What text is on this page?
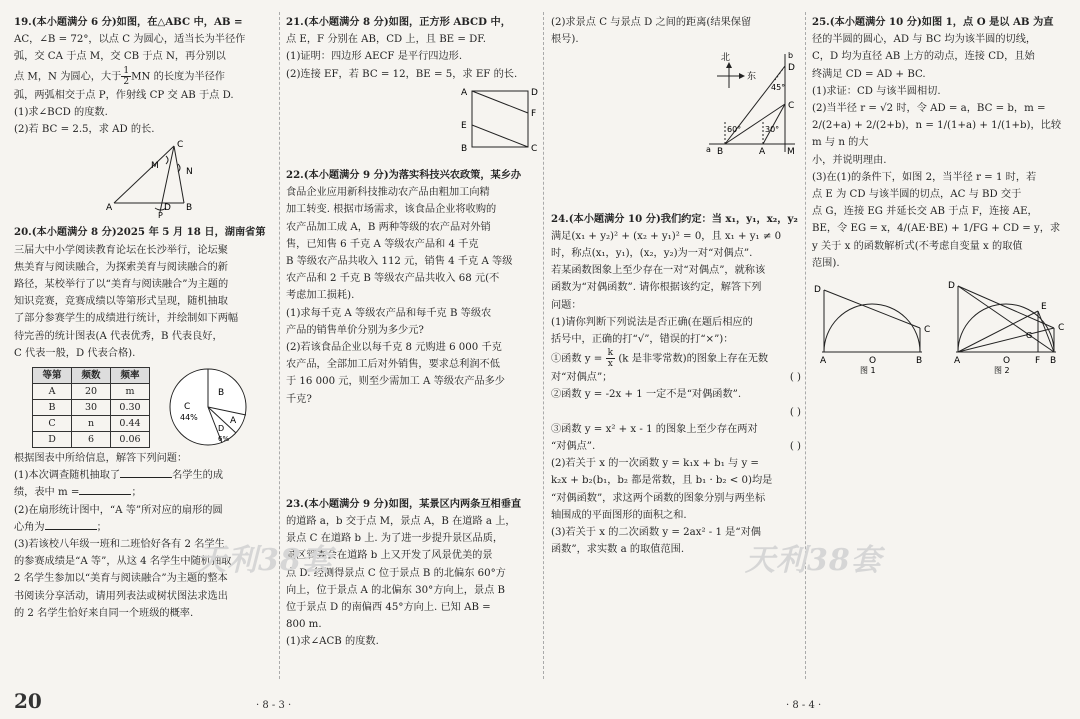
19.(本小题满分 6 分)如图，在△ABC 中，AB =

AC，∠B = 72°，以点 C 为圆心，适当长为半径作

弧，交 CA 于点 M，交 CB 于点 N，再分别以

点 M，N 为圆心，大于 $\frac{1}{2}$ MN 的长度为半径作

弧，两弧相交于点 P，作射线 CP 交 AB 于点 D.

(1)求∠BCD 的度数.

(2)若 BC = 2.5，求 AD 的长.

C
M
N
A	D B
P

20.(本小题满分 8 分)2025 年 5 月 18 日，湖南省第

三届大中小学阅读教育论坛在长沙举行，论坛聚

焦美育与阅读融合，为探索美育与阅读融合的新

路径，某校举行了以“美育与阅读融合”为主题的

知识竞赛，竞赛成绩以等第形式呈现，随机抽取

了部分参赛学生的成绩进行统计，并绘制如下两幅

待完善的统计图表(A 代表优秀，B 代表良好，

C 代表一般，D 代表合格).

等第	频数	频率
A	20	m
B	30	0.30
C	n	0.44
D	6	0.06
B
A
C
44%
D
6%

根据图表中所给信息，解答下列问题：

(1)本次调查随机抽取了	名学生的成

绩，表中 m =	；

(2)在扇形统计图中，“A 等”所对应的扇形的圆

心角为	；

(3)若该校八年级一班和二班恰好各有 2 名学生

的参赛成绩是“A 等”，从这 4 名学生中随机抽取

2 名学生参加以“美育与阅读融合”为主题的整本

书阅读分享活动，请用列表法或树状图法求选出

的 2 名学生恰好来自同一个班级的概率.

21.(本小题满分 8 分)如图，正方形 ABCD 中，

点 E，F 分别在 AB，CD 上，且 BE = DF.

(1)证明：四边形 AECF 是平行四边形.

(2)连接 EF，若 BC = 12，BE = 5，求 EF 的长.

A	D
E
F
B	C

22.(本小题满分 9 分)为落实科技兴农政策，某乡办

食品企业应用新科技推动农产品由粗加工向精

加工转变. 根据市场需求，该食品企业将收购的

农产品加工成 A，B 两种等级的农产品对外销

售，已知售 6 千克 A 等级农产品和 4 千克

B 等级农产品共收入 112 元，销售 4 千克 A 等级

农产品和 2 千克 B 等级农产品共收入 68 元(不

考虑加工损耗).

(1)求每千克 A 等级农产品和每千克 B 等级农

产品的销售单价分别为多少元?

(2)若该食品企业以每千克 8 元购进 6 000 千克

农产品，全部加工后对外销售，要求总利润不低

于 16 000 元，则至少需加工 A 等级农产品多少

千克?

23.(本小题满分 9 分)如图，某景区内两条互相垂直

的道路 a，b 交于点 M，景点 A，B 在道路 a 上，

景点 C 在道路 b 上. 为了进一步提升景区品质，

景区管委会在道路 b 上又开发了风景优美的景

点 D. 经测得景点 C 位于景点 B 的北偏东 60°方

向上，位于景点 A 的北偏东 30°方向上，景点 B

位于景点 D 的南偏西 45°方向上. 已知 AB =

800 m.

(1)求∠ACB 的度数.

(2)求景点 C 与景点 D 之间的距离(结果保留

根号).

北
东
b
D
C
45°
60°	30°
a B	A M

24.(本小题满分 10 分)我们约定：当 x₁，y₁，x₂，y₂

满足(x₁ + y₂)² + (x₂ + y₁)² = 0，且 x₁ + y₁ ≠ 0

时，称点(x₁，y₁)，(x₂，y₂)为一对“对偶点”.

若某函数图象上至少存在一对“对偶点”，就称该

函数为“对偶函数”. 请你根据该约定，解答下列

问题：

(1)请你判断下列说法是否正确(在题后相应的

括号中，正确的打“√”，错误的打“×”)：

①函数 $y = \frac{k}{x} (k$ 是非零常数)的图象上存在无数

对“对偶点”；	( )

②函数 y = -2x + 1 一定不是“对偶函数”.

( )

③函数 y = x² + x - 1 的图象上至少存在两对

“对偶点”.	( )

(2)若关于 x 的一次函数 y = k₁x + b₁ 与 y =

k₂x + b₂(b₁，b₂ 都是常数，且 b₁ · b₂ < 0)均是

“对偶函数”，求这两个函数的图象分别与两坐标

轴围成的平面图形的面积之和.

(3)若关于 x 的二次函数 y = 2ax² - 1 是“对偶

函数”，求实数 a 的取值范围.

25.(本小题满分 10 分)如图 1，点 O 是以 AB 为直

径的半圆的圆心，AD 与 BC 均为该半圆的切线，

C，D 均为直径 AB 上方的动点，连接 CD，且始

终满足 CD = AD + BC.

(1)求证：CD 与该半圆相切.

(2)当半径 r = √2 时，令 AD = a，BC = b，m =

2/(2+a) + 2/(2+b)，n = 1/(1+a) + 1/(1+b)，比较 m 与 n 的大

小，并说明理由.

(3)在(1)的条件下，如图 2，当半径 r = 1 时，若

点 E 为 CD 与该半圆的切点，AC 与 BD 交于

点 G，连接 EG 并延长交 AB 于点 F，连接 AE，

BE，令 EG = x，4/(AE·BE) + 1/FG + CD = y，求

y 关于 x 的函数解析式(不考虑自变量 x 的取值

范围).

D
C
A	O	B
图 1
D
E
C
G
A	O	F B
图 2
天利38套	天利38套
20	· 8 - 3 ·	· 8 - 4 ·
